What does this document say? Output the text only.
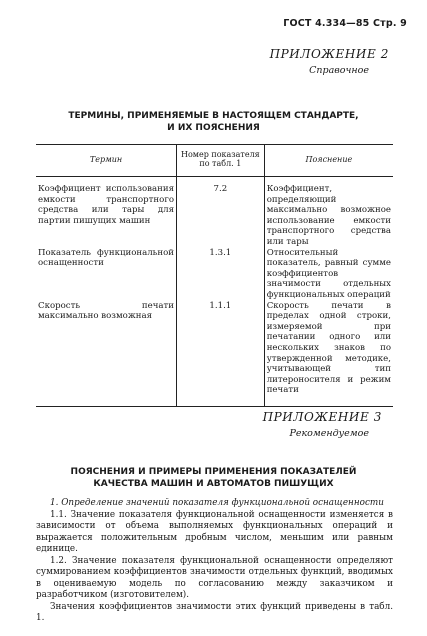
ГОСТ 4.334—85 Стр. 9
ПРИЛОЖЕНИЕ 2
Справочное
ТЕРМИНЫ, ПРИМЕНЯЕМЫЕ В НАСТОЯЩЕМ СТАНДАРТЕ,
И ИХ ПОЯСНЕНИЯ
Термин	Номер показателя по табл. 1	Пояснение
Коэффициент использования емкости транспортного средства или тары для партии пишущих машин	7.2	Коэффициент, определяющий максимально возможное использование емкости транспортного средства или тары
Показатель функциональной оснащенности	1.3.1	Относительный показатель, равный сумме коэффициентов значимости отдельных функциональных операций
Скорость печати максимально возможная	1.1.1	Скорость печати в пределах одной строки, измеряемой при печатании одного или нескольких знаков по утвержденной методике, учитывающей тип литероносителя и режим печати
ПРИЛОЖЕНИЕ 3
Рекомендуемое
ПОЯСНЕНИЯ И ПРИМЕРЫ ПРИМЕНЕНИЯ ПОКАЗАТЕЛЕЙ
КАЧЕСТВА МАШИН И АВТОМАТОВ ПИШУЩИХ

1. Определение значений показателя функциональной оснащенности

1.1. Значение показателя функциональной оснащенности изменяется в зависимости от объема выполняемых функциональных операций и выражается положительным дробным числом, меньшим или равным единице.

1.2. Значение показателя функциональной оснащенности определяют суммированием коэффициентов значимости отдельных функций, вводимых в оцениваемую модель по согласованию между заказчиком и разработчиком (изготовителем).

Значения коэффициентов значимости этих функций приведены в табл. 1.
